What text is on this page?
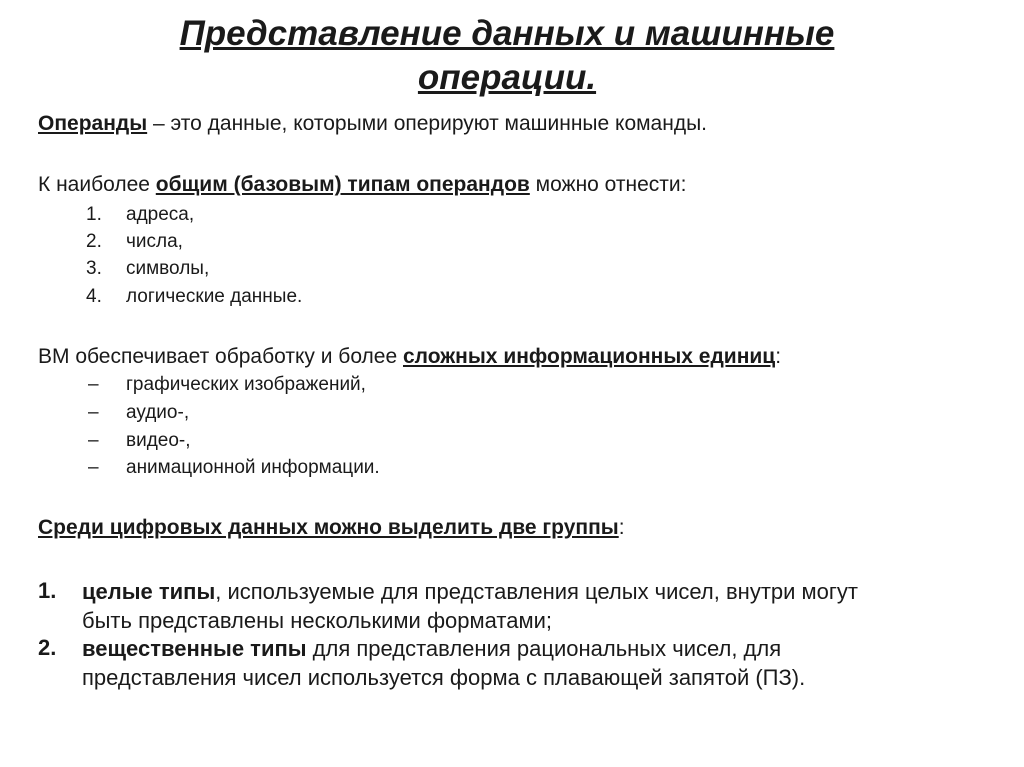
Представление данных и машинные
операции.
Операнды – это данные, которыми оперируют машинные команды.
К наиболее общим (базовым) типам операндов можно отнести:
1. адреса,
2. числа,
3. символы,
4. логические данные.
ВМ обеспечивает обработку и более сложных информационных единиц:
– графических изображений,
– аудио-,
– видео-,
– анимационной информации.
Среди цифровых данных можно выделить две группы:
1. целые типы, используемые для представления целых чисел, внутри могут
быть представлены несколькими форматами;
2. вещественные типы для представления рациональных чисел, для
представления чисел используется форма с плавающей запятой (ПЗ).
